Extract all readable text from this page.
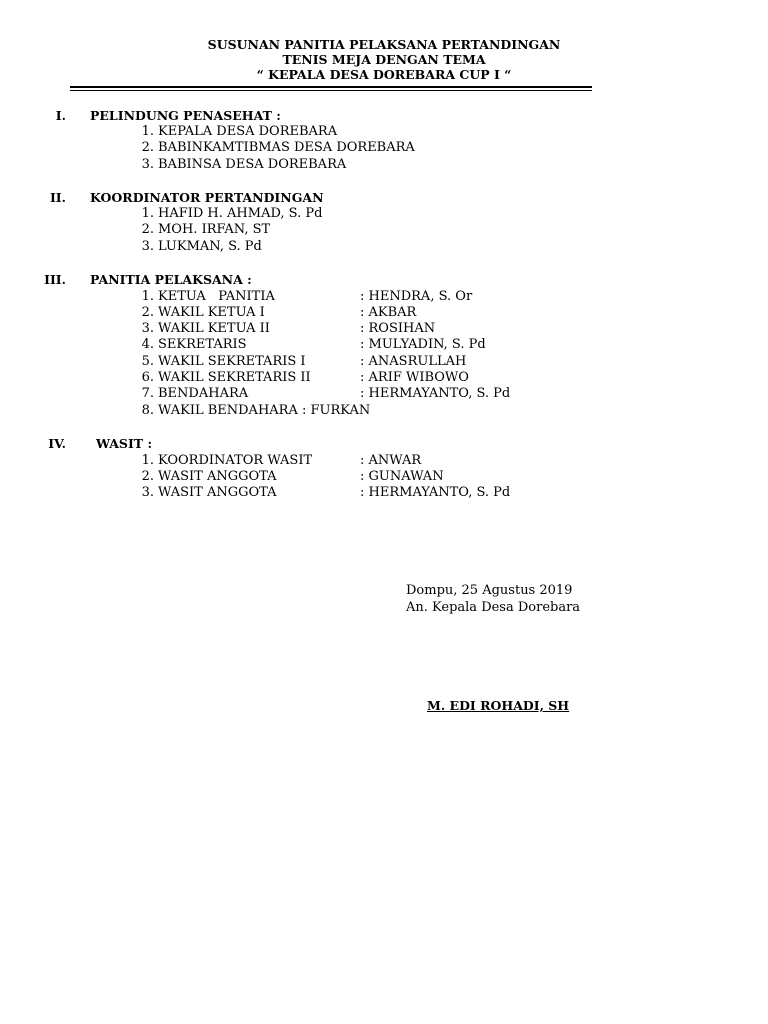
SUSUNAN PANITIA PELAKSANA PERTANDINGAN
TENIS MEJA DENGAN TEMA
“ KEPALA DESA DOREBARA CUP I “
I. PELINDUNG PENASEHAT :
1. KEPALA DESA DOREBARA
2. BABINKAMTIBMAS DESA DOREBARA
3. BABINSA DESA DOREBARA
II. KOORDINATOR PERTANDINGAN
1. HAFID H. AHMAD, S. Pd
2. MOH. IRFAN, ST
3. LUKMAN, S. Pd
III. PANITIA PELAKSANA :
1. KETUA   PANITIA	: HENDRA, S. Or
2. WAKIL KETUA I	: AKBAR
3. WAKIL KETUA II	: ROSIHAN
4. SEKRETARIS	: MULYADIN, S. Pd
5. WAKIL SEKRETARIS I	: ANASRULLAH
6. WAKIL SEKRETARIS II	: ARIF WIBOWO
7. BENDAHARA	: HERMAYANTO, S. Pd
8. WAKIL BENDAHARA : FURKAN
IV. WASIT :
1. KOORDINATOR WASIT	: ANWAR
2. WASIT ANGGOTA	: GUNAWAN
3. WASIT ANGGOTA	: HERMAYANTO, S. Pd
Dompu, 25 Agustus 2019
An. Kepala Desa Dorebara
M. EDI ROHADI, SH
